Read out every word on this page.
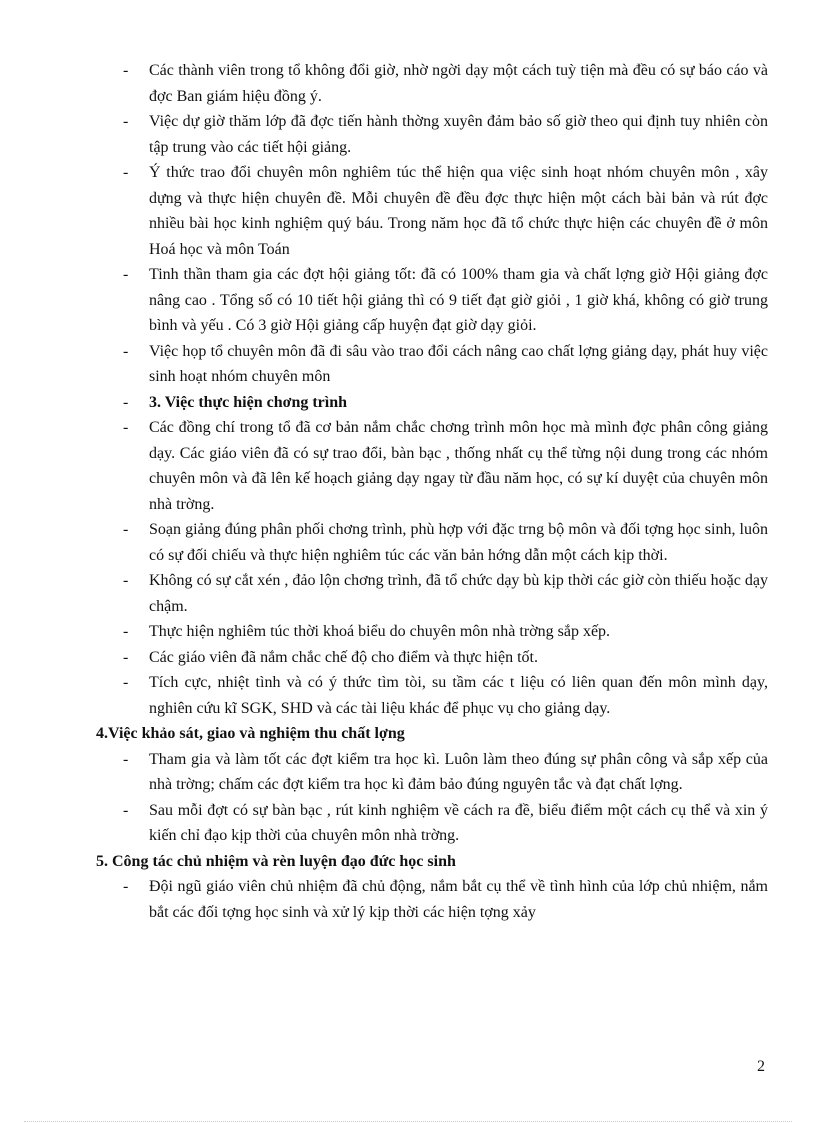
- Các thành viên trong tổ không đổi giờ, nhờ ngời dạy một cách tuỳ tiện mà đều có sự báo cáo và đợc Ban giám hiệu đồng ý.
- Việc dự giờ thăm lớp đã đợc tiến hành thờng xuyên đảm bảo số giờ theo qui định tuy nhiên còn tập trung vào các tiết hội giảng.
- Ý thức trao đổi chuyên môn nghiêm túc thể hiện qua việc sinh hoạt nhóm chuyên môn , xây dựng và thực hiện chuyên đề. Mỗi chuyên đề đều đợc thực hiện một cách bài bản và rút đợc nhiều bài học kinh nghiệm quý báu. Trong năm học đã tổ chức thực hiện các chuyên đề ở môn Hoá học và môn Toán
- Tinh thần tham gia các đợt hội giảng tốt: đã có 100% tham gia và chất lợng giờ Hội giảng đợc nâng cao . Tổng số có 10 tiết hội giảng thì có 9 tiết đạt giờ giỏi , 1 giờ khá, không có giờ trung bình và yếu . Có 3 giờ Hội giảng cấp huyện đạt giờ dạy giỏi.
- Việc họp tổ chuyên môn đã đi sâu vào trao đổi cách nâng cao chất lợng giảng dạy, phát huy việc sinh hoạt nhóm chuyên môn
- 3. Việc thực hiện chơng trình
- Các đồng chí trong tổ đã cơ bản nắm chắc chơng trình môn học mà mình đợc phân công giảng dạy. Các giáo viên đã có sự trao đổi, bàn bạc , thống nhất cụ thể từng nội dung trong các nhóm chuyên môn và đã lên kế hoạch giảng dạy ngay từ đầu năm học, có sự kí duyệt của chuyên môn nhà trờng.
- Soạn giảng đúng phân phối chơng trình, phù hợp với đặc trng bộ môn và đối tợng học sinh, luôn có sự đối chiếu và thực hiện nghiêm túc các văn bản hớng dẫn một cách kịp thời.
- Không có sự cắt xén , đảo lộn chơng trình, đã tổ chức dạy bù kịp thời các giờ còn thiếu hoặc dạy chậm.
- Thực hiện nghiêm túc thời khoá biểu do chuyên môn nhà trờng sắp xếp.
- Các giáo viên đã nắm chắc chế độ cho điểm và thực hiện tốt.
- Tích cực, nhiệt tình và có ý thức tìm tòi, su tầm các t liệu có liên quan đến môn mình dạy, nghiên cứu kĩ SGK, SHD và các tài liệu khác để phục vụ cho giảng dạy.
4.Việc khảo sát, giao và nghiệm thu chất lợng
- Tham gia và làm tốt các đợt kiểm tra học kì. Luôn làm theo đúng sự phân công và sắp xếp của nhà trờng; chấm các đợt kiểm tra học kì đảm bảo đúng nguyên tắc và đạt chất lợng.
- Sau mỗi đợt có sự bàn bạc , rút kinh nghiệm về cách ra đề, biểu điểm một cách cụ thể và xin ý kiến chỉ đạo kịp thời của chuyên môn nhà trờng.
5. Công tác chủ nhiệm và rèn luyện đạo đức học sinh
- Đội ngũ giáo viên chủ nhiệm đã chủ động, nắm bắt cụ thể về tình hình của lớp chủ nhiệm, nắm bắt các đối tợng học sinh và xử lý kịp thời các hiện tợng xảy
2
